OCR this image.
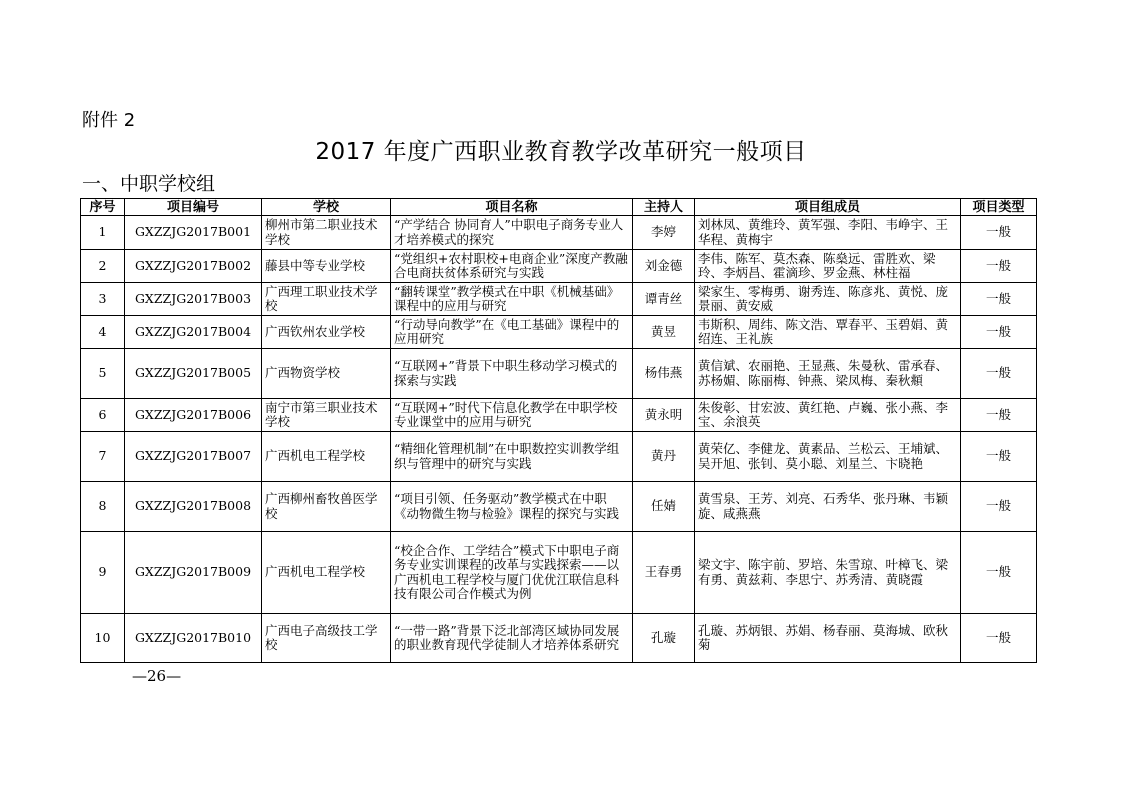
附件 2
2017 年度广西职业教育教学改革研究一般项目
一、中职学校组
序号	项目编号	学校	项目名称	主持人	项目组成员	项目类型
1	GXZZJG2017B001	柳州市第二职业技术学校	“产学结合 协同育人”中职电子商务专业人才培养模式的探究	李婷	刘林凤、黄维玲、黄军强、李阳、韦峥宇、王华程、黄梅宇	一般
2	GXZZJG2017B002	藤县中等专业学校	“党组织+农村职校+电商企业”深度产教融合电商扶贫体系研究与实践	刘金德	李伟、陈军、莫杰森、陈燊远、雷胜欢、梁玲、李炳昌、霍滴珍、罗金燕、林柱福	一般
3	GXZZJG2017B003	广西理工职业技术学校	“翻转课堂”教学模式在中职《机械基础》课程中的应用与研究	谭青丝	梁家生、零梅勇、谢秀连、陈彦兆、黄悦、庞景丽、黄安威	一般
4	GXZZJG2017B004	广西钦州农业学校	“行动导向教学”在《电工基础》课程中的应用研究	黄昱	韦斯积、周纬、陈文浩、覃春平、玉碧娟、黄绍连、王礼族	一般
5	GXZZJG2017B005	广西物资学校	“互联网+”背景下中职生移动学习模式的探索与实践	杨伟燕	黄信斌、农丽艳、王显燕、朱曼秋、雷承春、苏杨媚、陈丽梅、钟燕、梁凤梅、秦秋頫	一般
6	GXZZJG2017B006	南宁市第三职业技术学校	“互联网+”时代下信息化教学在中职学校专业课堂中的应用与研究	黄永明	朱俊彰、甘宏波、黄红艳、卢巍、张小燕、李宝、余浪英	一般
7	GXZZJG2017B007	广西机电工程学校	“精细化管理机制”在中职数控实训教学组织与管理中的研究与实践	黄丹	黄荣亿、李健龙、黄素品、兰松云、王埔斌、吴开旭、张钊、莫小聪、刘星兰、卞晓艳	一般
8	GXZZJG2017B008	广西柳州畜牧兽医学校	“项目引领、任务驱动”教学模式在中职《动物微生物与检验》课程的探究与实践	任婧	黄雪泉、王芳、刘亮、石秀华、张丹琳、韦颖旋、咸燕燕	一般
9	GXZZJG2017B009	广西机电工程学校	“校企合作、工学结合”模式下中职电子商务专业实训课程的改革与实践探索——以广西机电工程学校与厦门优优江联信息科技有限公司合作模式为例	王春勇	梁文宇、陈宇前、罗培、朱雪琼、叶樟飞、梁有勇、黄兹莉、李思宁、苏秀清、黄晓霞	一般
10	GXZZJG2017B010	广西电子高级技工学校	“一带一路”背景下泛北部湾区域协同发展的职业教育现代学徒制人才培养体系研究	孔璇	孔璇、苏炳银、苏娟、杨春丽、莫海城、欧秋菊	一般
—26—
